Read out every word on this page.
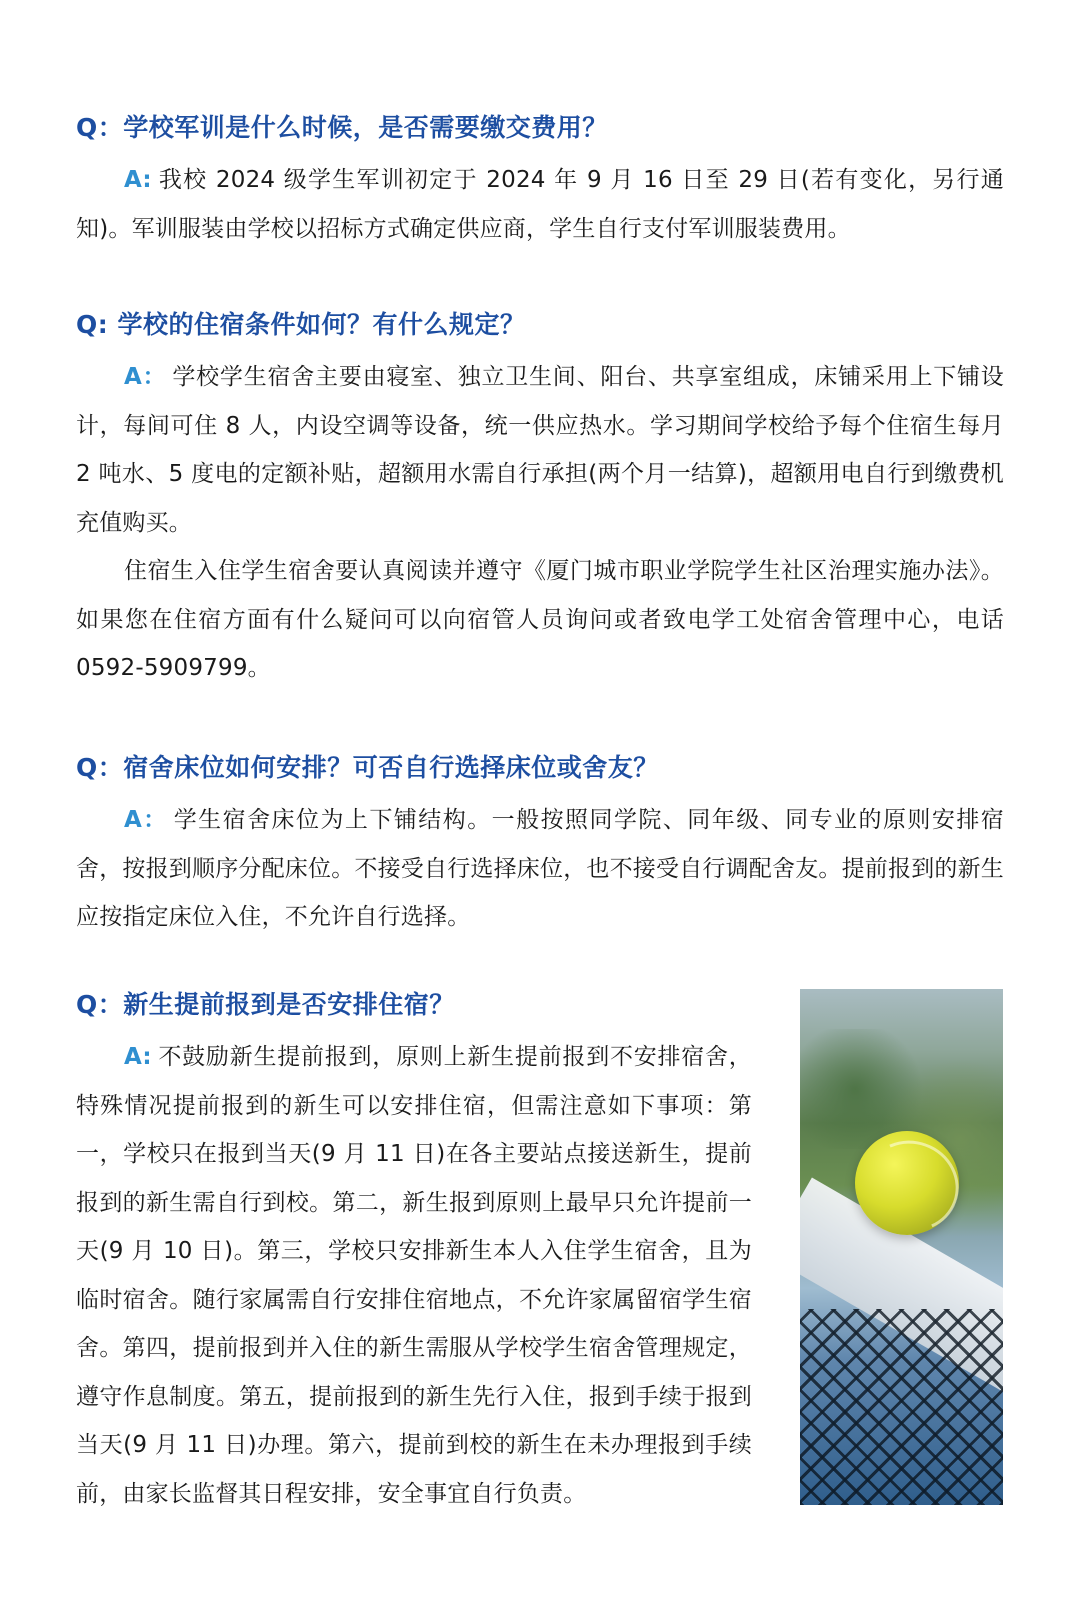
Q：学校军训是什么时候，是否需要缴交费用？

A: 我校 2024 级学生军训初定于 2024 年 9 月 16 日至 29 日(若有变化，另行通知)。军训服装由学校以招标方式确定供应商，学生自行支付军训服装费用。

Q: 学校的住宿条件如何？有什么规定？

A： 学校学生宿舍主要由寝室、独立卫生间、阳台、共享室组成，床铺采用上下铺设计，每间可住 8 人，内设空调等设备，统一供应热水。学习期间学校给予每个住宿生每月 2 吨水、5 度电的定额补贴，超额用水需自行承担(两个月一结算)，超额用电自行到缴费机充值购买。

住宿生入住学生宿舍要认真阅读并遵守《厦门城市职业学院学生社区治理实施办法》。如果您在住宿方面有什么疑问可以向宿管人员询问或者致电学工处宿舍管理中心，电话 0592-5909799。

Q：宿舍床位如何安排？可否自行选择床位或舍友？

A： 学生宿舍床位为上下铺结构。一般按照同学院、同年级、同专业的原则安排宿舍，按报到顺序分配床位。不接受自行选择床位，也不接受自行调配舍友。提前报到的新生应按指定床位入住，不允许自行选择。

Q：新生提前报到是否安排住宿？

A: 不鼓励新生提前报到，原则上新生提前报到不安排宿舍，特殊情况提前报到的新生可以安排住宿，但需注意如下事项：第一，学校只在报到当天(9 月 11 日)在各主要站点接送新生，提前报到的新生需自行到校。第二，新生报到原则上最早只允许提前一天(9 月 10 日)。第三，学校只安排新生本人入住学生宿舍，且为临时宿舍。随行家属需自行安排住宿地点，不允许家属留宿学生宿舍。第四，提前报到并入住的新生需服从学校学生宿舍管理规定，遵守作息制度。第五，提前报到的新生先行入住，报到手续于报到当天(9 月 11 日)办理。第六，提前到校的新生在未办理报到手续前，由家长监督其日程安排，安全事宜自行负责。
